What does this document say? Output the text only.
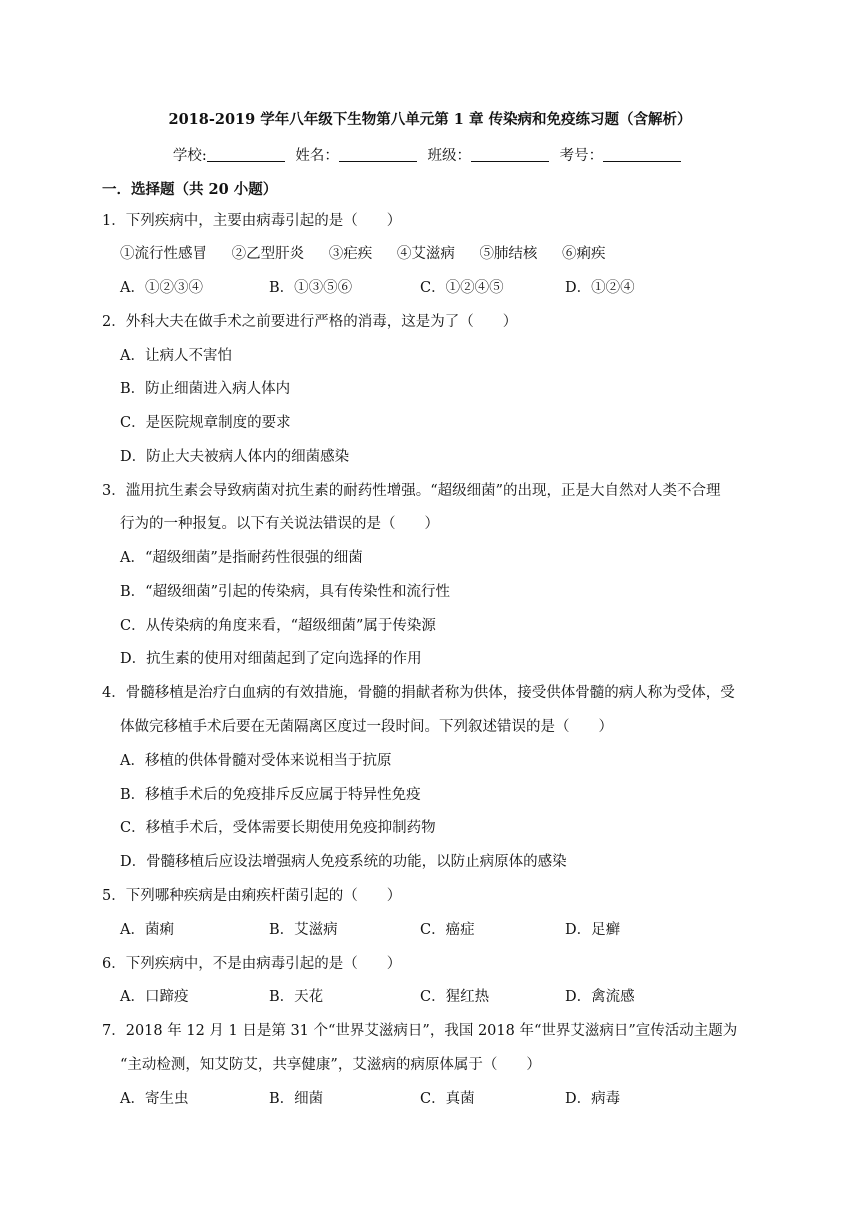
2018-2019 学年八年级下生物第八单元第 1 章 传染病和免疫练习题（含解析）
学校:	姓名：	班级：	考号：
一．选择题（共 20 小题）
1．下列疾病中，主要由病毒引起的是（　　）
①流行性感冒 ②乙型肝炎 ③疟疾 ④艾滋病 ⑤肺结核 ⑥痢疾
A．①②③④	B．①③⑤⑥	C．①②④⑤	D．①②④
2．外科大夫在做手术之前要进行严格的消毒，这是为了（　　）
A．让病人不害怕
B．防止细菌进入病人体内
C．是医院规章制度的要求
D．防止大夫被病人体内的细菌感染
3．滥用抗生素会导致病菌对抗生素的耐药性增强。“超级细菌”的出现，正是大自然对人类不合理
行为的一种报复。以下有关说法错误的是（　　）
A．“超级细菌”是指耐药性很强的细菌
B．“超级细菌”引起的传染病，具有传染性和流行性
C．从传染病的角度来看，“超级细菌”属于传染源
D．抗生素的使用对细菌起到了定向选择的作用
4．骨髓移植是治疗白血病的有效措施，骨髓的捐献者称为供体，接受供体骨髓的病人称为受体，受
体做完移植手术后要在无菌隔离区度过一段时间。下列叙述错误的是（　　）
A．移植的供体骨髓对受体来说相当于抗原
B．移植手术后的免疫排斥反应属于特异性免疫
C．移植手术后，受体需要长期使用免疫抑制药物
D．骨髓移植后应设法增强病人免疫系统的功能，以防止病原体的感染
5．下列哪种疾病是由痢疾杆菌引起的（　　）
A．菌痢	B．艾滋病	C．癌症	D．足癣
6．下列疾病中，不是由病毒引起的是（　　）
A．口蹄疫	B．天花	C．猩红热	D．禽流感
7．2018 年 12 月 1 日是第 31 个“世界艾滋病日”，我国 2018 年“世界艾滋病日”宣传活动主题为
“主动检测，知艾防艾，共享健康”，艾滋病的病原体属于（　　）
A．寄生虫	B．细菌	C．真菌	D．病毒
